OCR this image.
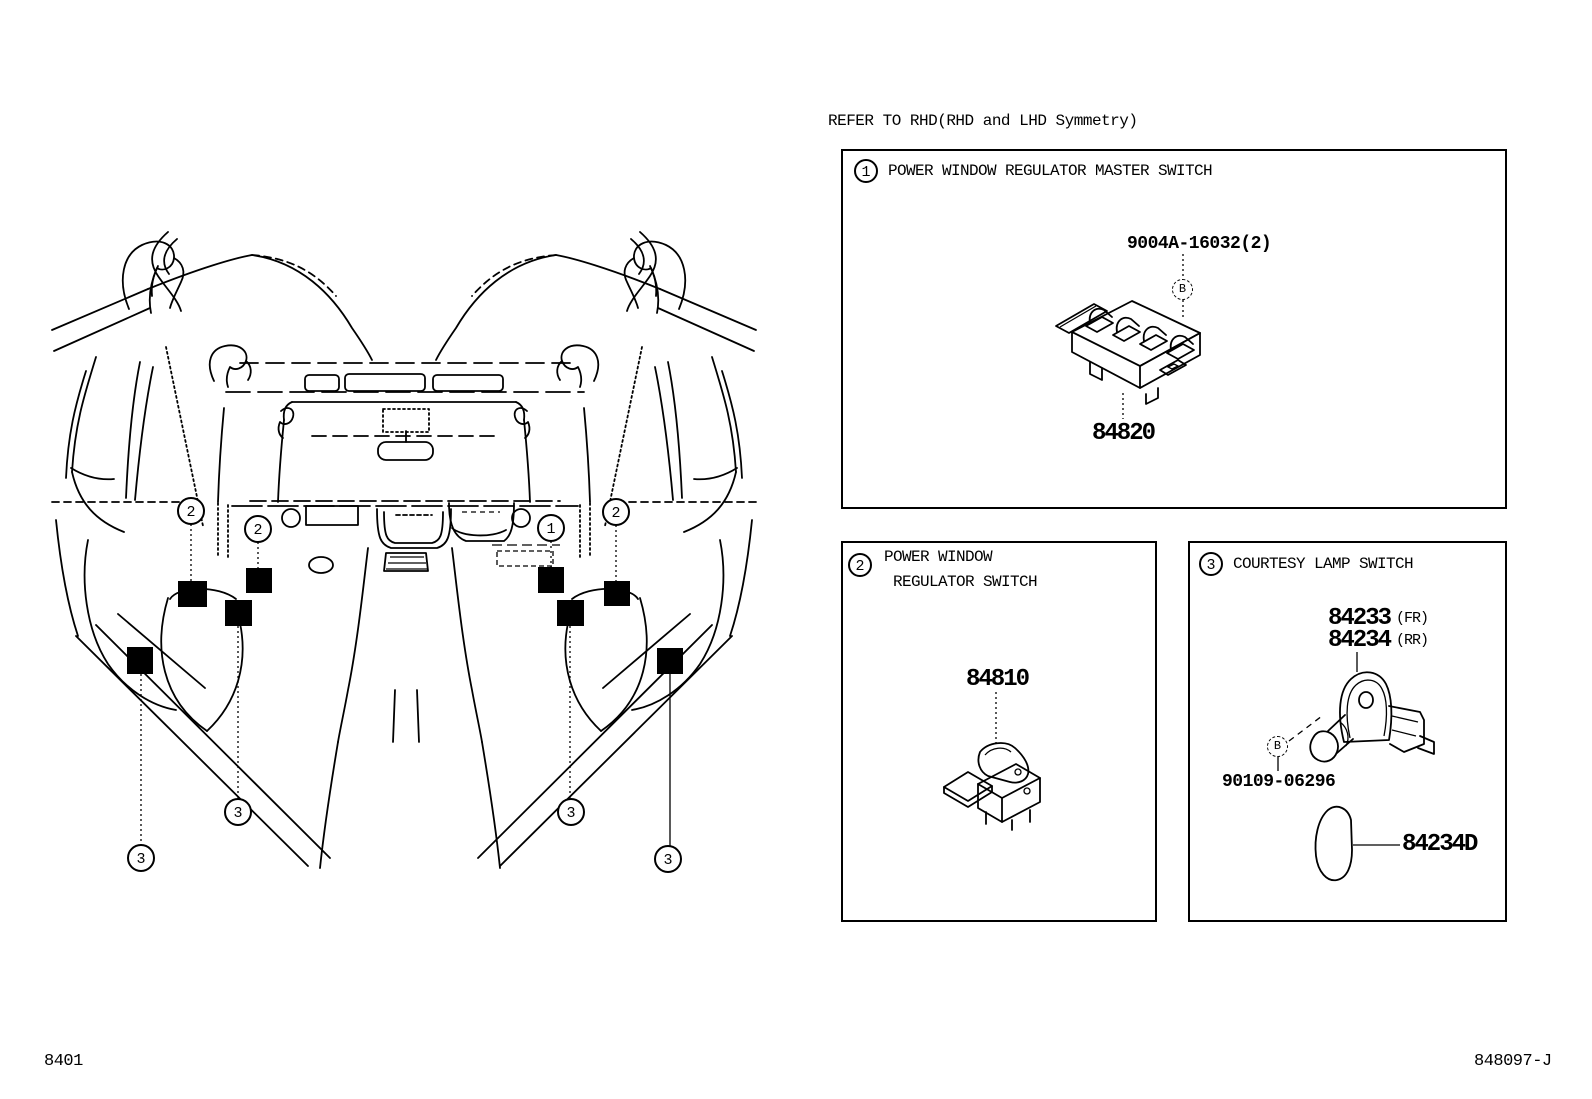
1
2
2
2
3
3	3
3
REFER TO RHD(RHD and LHD Symmetry)
1	POWER WINDOW REGULATOR MASTER SWITCH
9004A-16032(2)
B
84820
2
POWER WINDOW
REGULATOR SWITCH
84810
3	COURTESY LAMP SWITCH
84233 (FR)
84234 (RR)
B
90109-06296
84234D
8401	848097-J
